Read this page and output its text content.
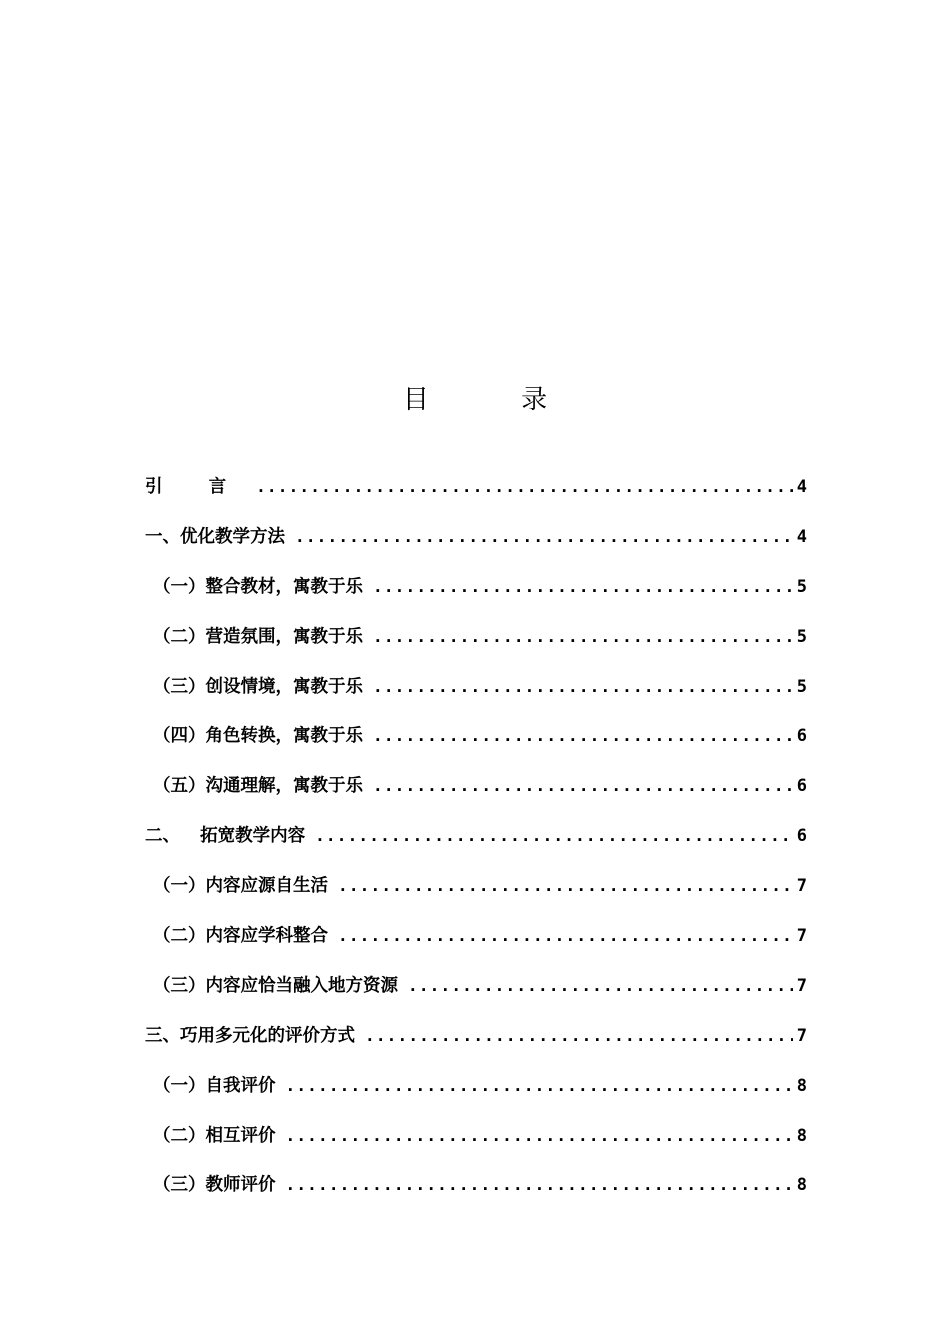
目 录
引 言 .....	4
一、优化教学方法 .....	4
（一）整合教材，寓教于乐 .....	5
（二）营造氛围，寓教于乐 .....	5
（三）创设情境，寓教于乐 .....	5
（四）角色转换，寓教于乐 .....	6
（五）沟通理解，寓教于乐 .....	6
二、 拓宽教学内容 .....	6
（一）内容应源自生活 .....	7
（二）内容应学科整合 .....	7
（三）内容应恰当融入地方资源 .....	7
三、巧用多元化的评价方式 .....	7
（一）自我评价 .....	8
（二）相互评价 .....	8
（三）教师评价 .....	8
